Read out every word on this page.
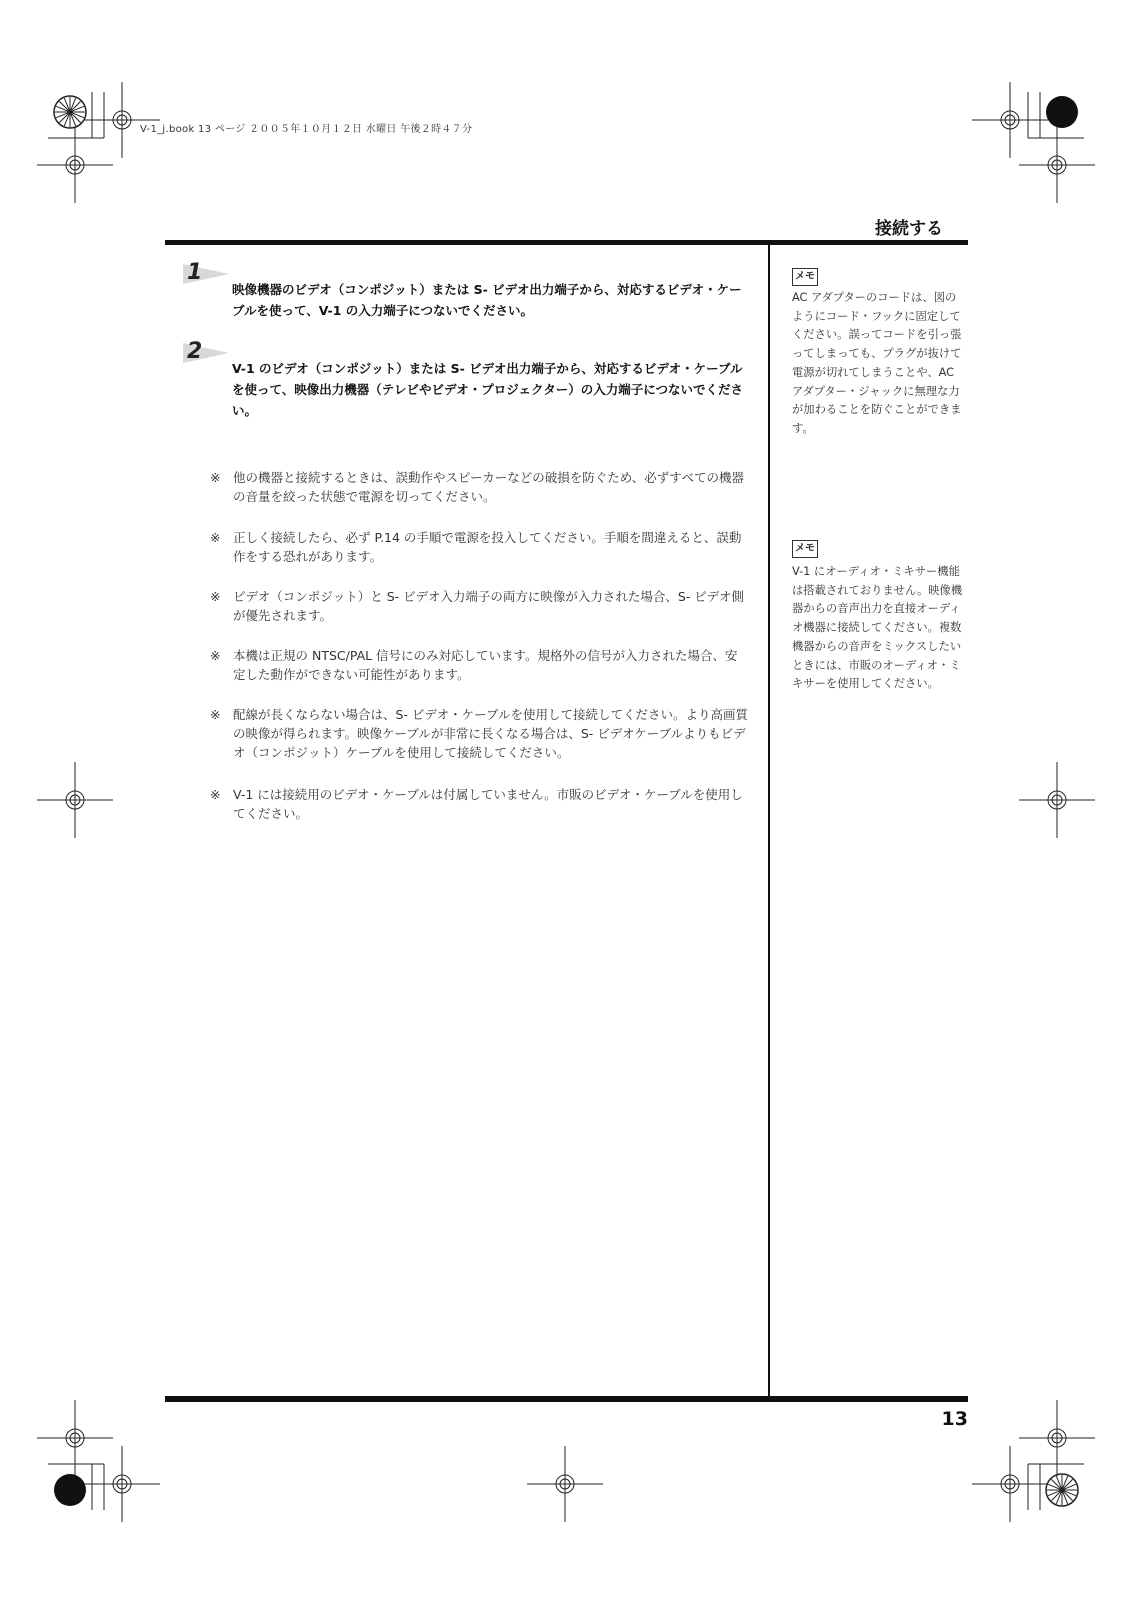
V-1_j.book 13 ページ ２００５年１０月１２日 水曜日 午後２時４７分
接続する
1
映像機器のビデオ（コンポジット）または S- ビデオ出力端子から、対応するビデオ・ケーブルを使って、V-1 の入力端子につないでください。
2
V-1 のビデオ（コンポジット）または S- ビデオ出力端子から、対応するビデオ・ケーブルを使って、映像出力機器（テレビやビデオ・プロジェクター）の入力端子につないでください。
※ 他の機器と接続するときは、誤動作やスピーカーなどの破損を防ぐため、必ずすべての機器の音量を絞った状態で電源を切ってください。
※ 正しく接続したら、必ず P.14 の手順で電源を投入してください。手順を間違えると、誤動作をする恐れがあります。
※ ビデオ（コンポジット）と S- ビデオ入力端子の両方に映像が入力された場合、S- ビデオ側が優先されます。
※ 本機は正規の NTSC/PAL 信号にのみ対応しています。規格外の信号が入力された場合、安定した動作ができない可能性があります。
※ 配線が長くならない場合は、S- ビデオ・ケーブルを使用して接続してください。より高画質の映像が得られます。映像ケーブルが非常に長くなる場合は、S- ビデオケーブルよりもビデオ（コンポジット）ケーブルを使用して接続してください。
※ V-1 には接続用のビデオ・ケーブルは付属していません。市販のビデオ・ケーブルを使用してください。
メモ
AC アダプターのコードは、図のようにコード・フックに固定してください。誤ってコードを引っ張ってしまっても、プラグが抜けて電源が切れてしまうことや、AC アダプター・ジャックに無理な力が加わることを防ぐことができます。
メモ
V-1 にオーディオ・ミキサー機能は搭載されておりません。映像機器からの音声出力を直接オーディオ機器に接続してください。複数機器からの音声をミックスしたいときには、市販のオーディオ・ミキサーを使用してください。
13
